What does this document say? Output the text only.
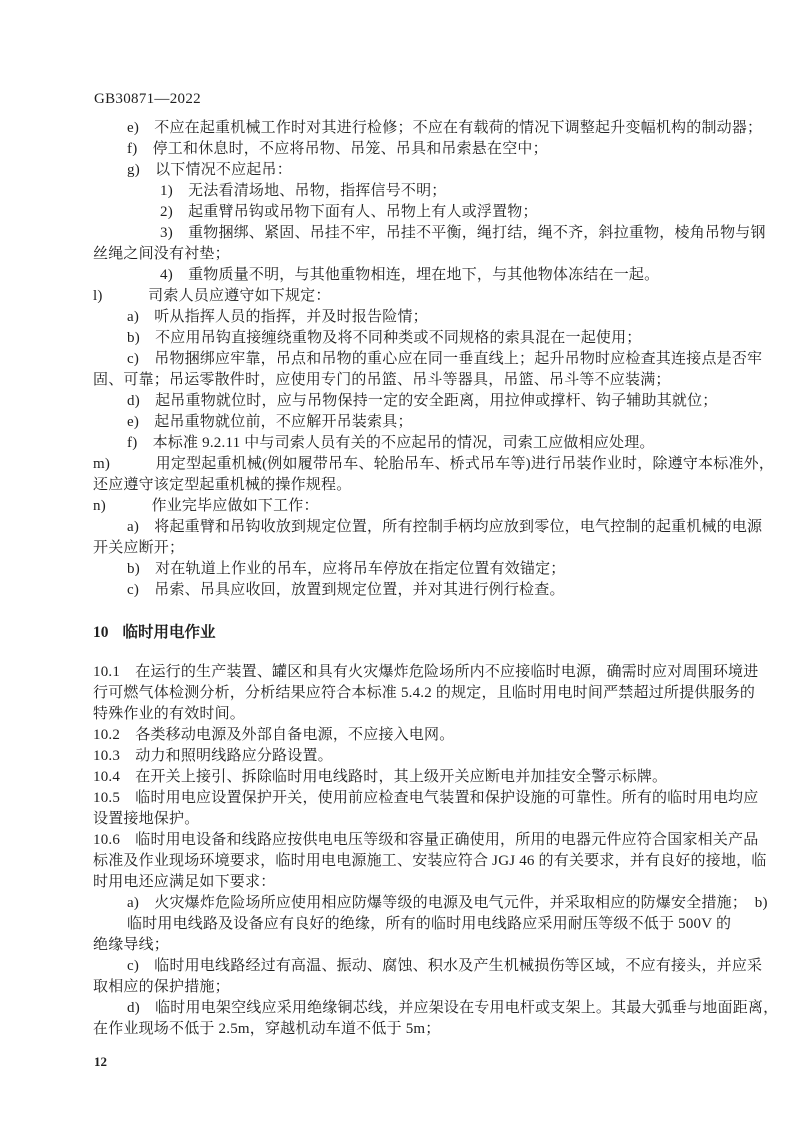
GB30871—2022
e)　不应在起重机械工作时对其进行检修；不应在有载荷的情况下调整起升变幅机构的制动器；
f)　停工和休息时，不应将吊物、吊笼、吊具和吊索悬在空中；
g)　以下情况不应起吊：
1)　无法看清场地、吊物，指挥信号不明；
2)　起重臂吊钩或吊物下面有人、吊物上有人或浮置物；
3)　重物捆绑、紧固、吊挂不牢，吊挂不平衡，绳打结，绳不齐，斜拉重物，棱角吊物与钢
丝绳之间没有衬垫；
4)　重物质量不明，与其他重物相连，埋在地下，与其他物体冻结在一起。
l)　　　司索人员应遵守如下规定：
a)　听从指挥人员的指挥，并及时报告险情；
b)　不应用吊钩直接缠绕重物及将不同种类或不同规格的索具混在一起使用；
c)　吊物捆绑应牢靠，吊点和吊物的重心应在同一垂直线上；起升吊物时应检查其连接点是否牢
固、可靠；吊运零散件时，应使用专门的吊篮、吊斗等器具，吊篮、吊斗等不应装满；
d)　起吊重物就位时，应与吊物保持一定的安全距离，用拉伸或撑杆、钩子辅助其就位；
e)　起吊重物就位前，不应解开吊装索具；
f)　本标准 9.2.11 中与司索人员有关的不应起吊的情况，司索工应做相应处理。
m)　　　用定型起重机械(例如履带吊车、轮胎吊车、桥式吊车等)进行吊装作业时，除遵守本标准外，
还应遵守该定型起重机械的操作规程。
n)　　　作业完毕应做如下工作：
a)　将起重臂和吊钩收放到规定位置，所有控制手柄均应放到零位，电气控制的起重机械的电源
开关应断开；
b)　对在轨道上作业的吊车，应将吊车停放在指定位置有效锚定；
c)　吊索、吊具应收回，放置到规定位置，并对其进行例行检查。
10 临时用电作业
10.1　在运行的生产装置、罐区和具有火灾爆炸危险场所内不应接临时电源，确需时应对周围环境进
行可燃气体检测分析，分析结果应符合本标准 5.4.2 的规定，且临时用电时间严禁超过所提供服务的
特殊作业的有效时间。
10.2　各类移动电源及外部自备电源，不应接入电网。
10.3　动力和照明线路应分路设置。
10.4　在开关上接引、拆除临时用电线路时，其上级开关应断电并加挂安全警示标牌。
10.5　临时用电应设置保护开关，使用前应检查电气装置和保护设施的可靠性。所有的临时用电均应
设置接地保护。
10.6　临时用电设备和线路应按供电电压等级和容量正确使用，所用的电器元件应符合国家相关产品
标准及作业现场环境要求，临时用电电源施工、安装应符合 JGJ 46 的有关要求，并有良好的接地，临
时用电还应满足如下要求：
a)　火灾爆炸危险场所应使用相应防爆等级的电源及电气元件，并采取相应的防爆安全措施；　b)
临时用电线路及设备应有良好的绝缘，所有的临时用电线路应采用耐压等级不低于 500V 的
绝缘导线；
c)　临时用电线路经过有高温、振动、腐蚀、积水及产生机械损伤等区域，不应有接头，并应采
取相应的保护措施；
d)　临时用电架空线应采用绝缘铜芯线，并应架设在专用电杆或支架上。其最大弧垂与地面距离，
在作业现场不低于 2.5m，穿越机动车道不低于 5m；
12
